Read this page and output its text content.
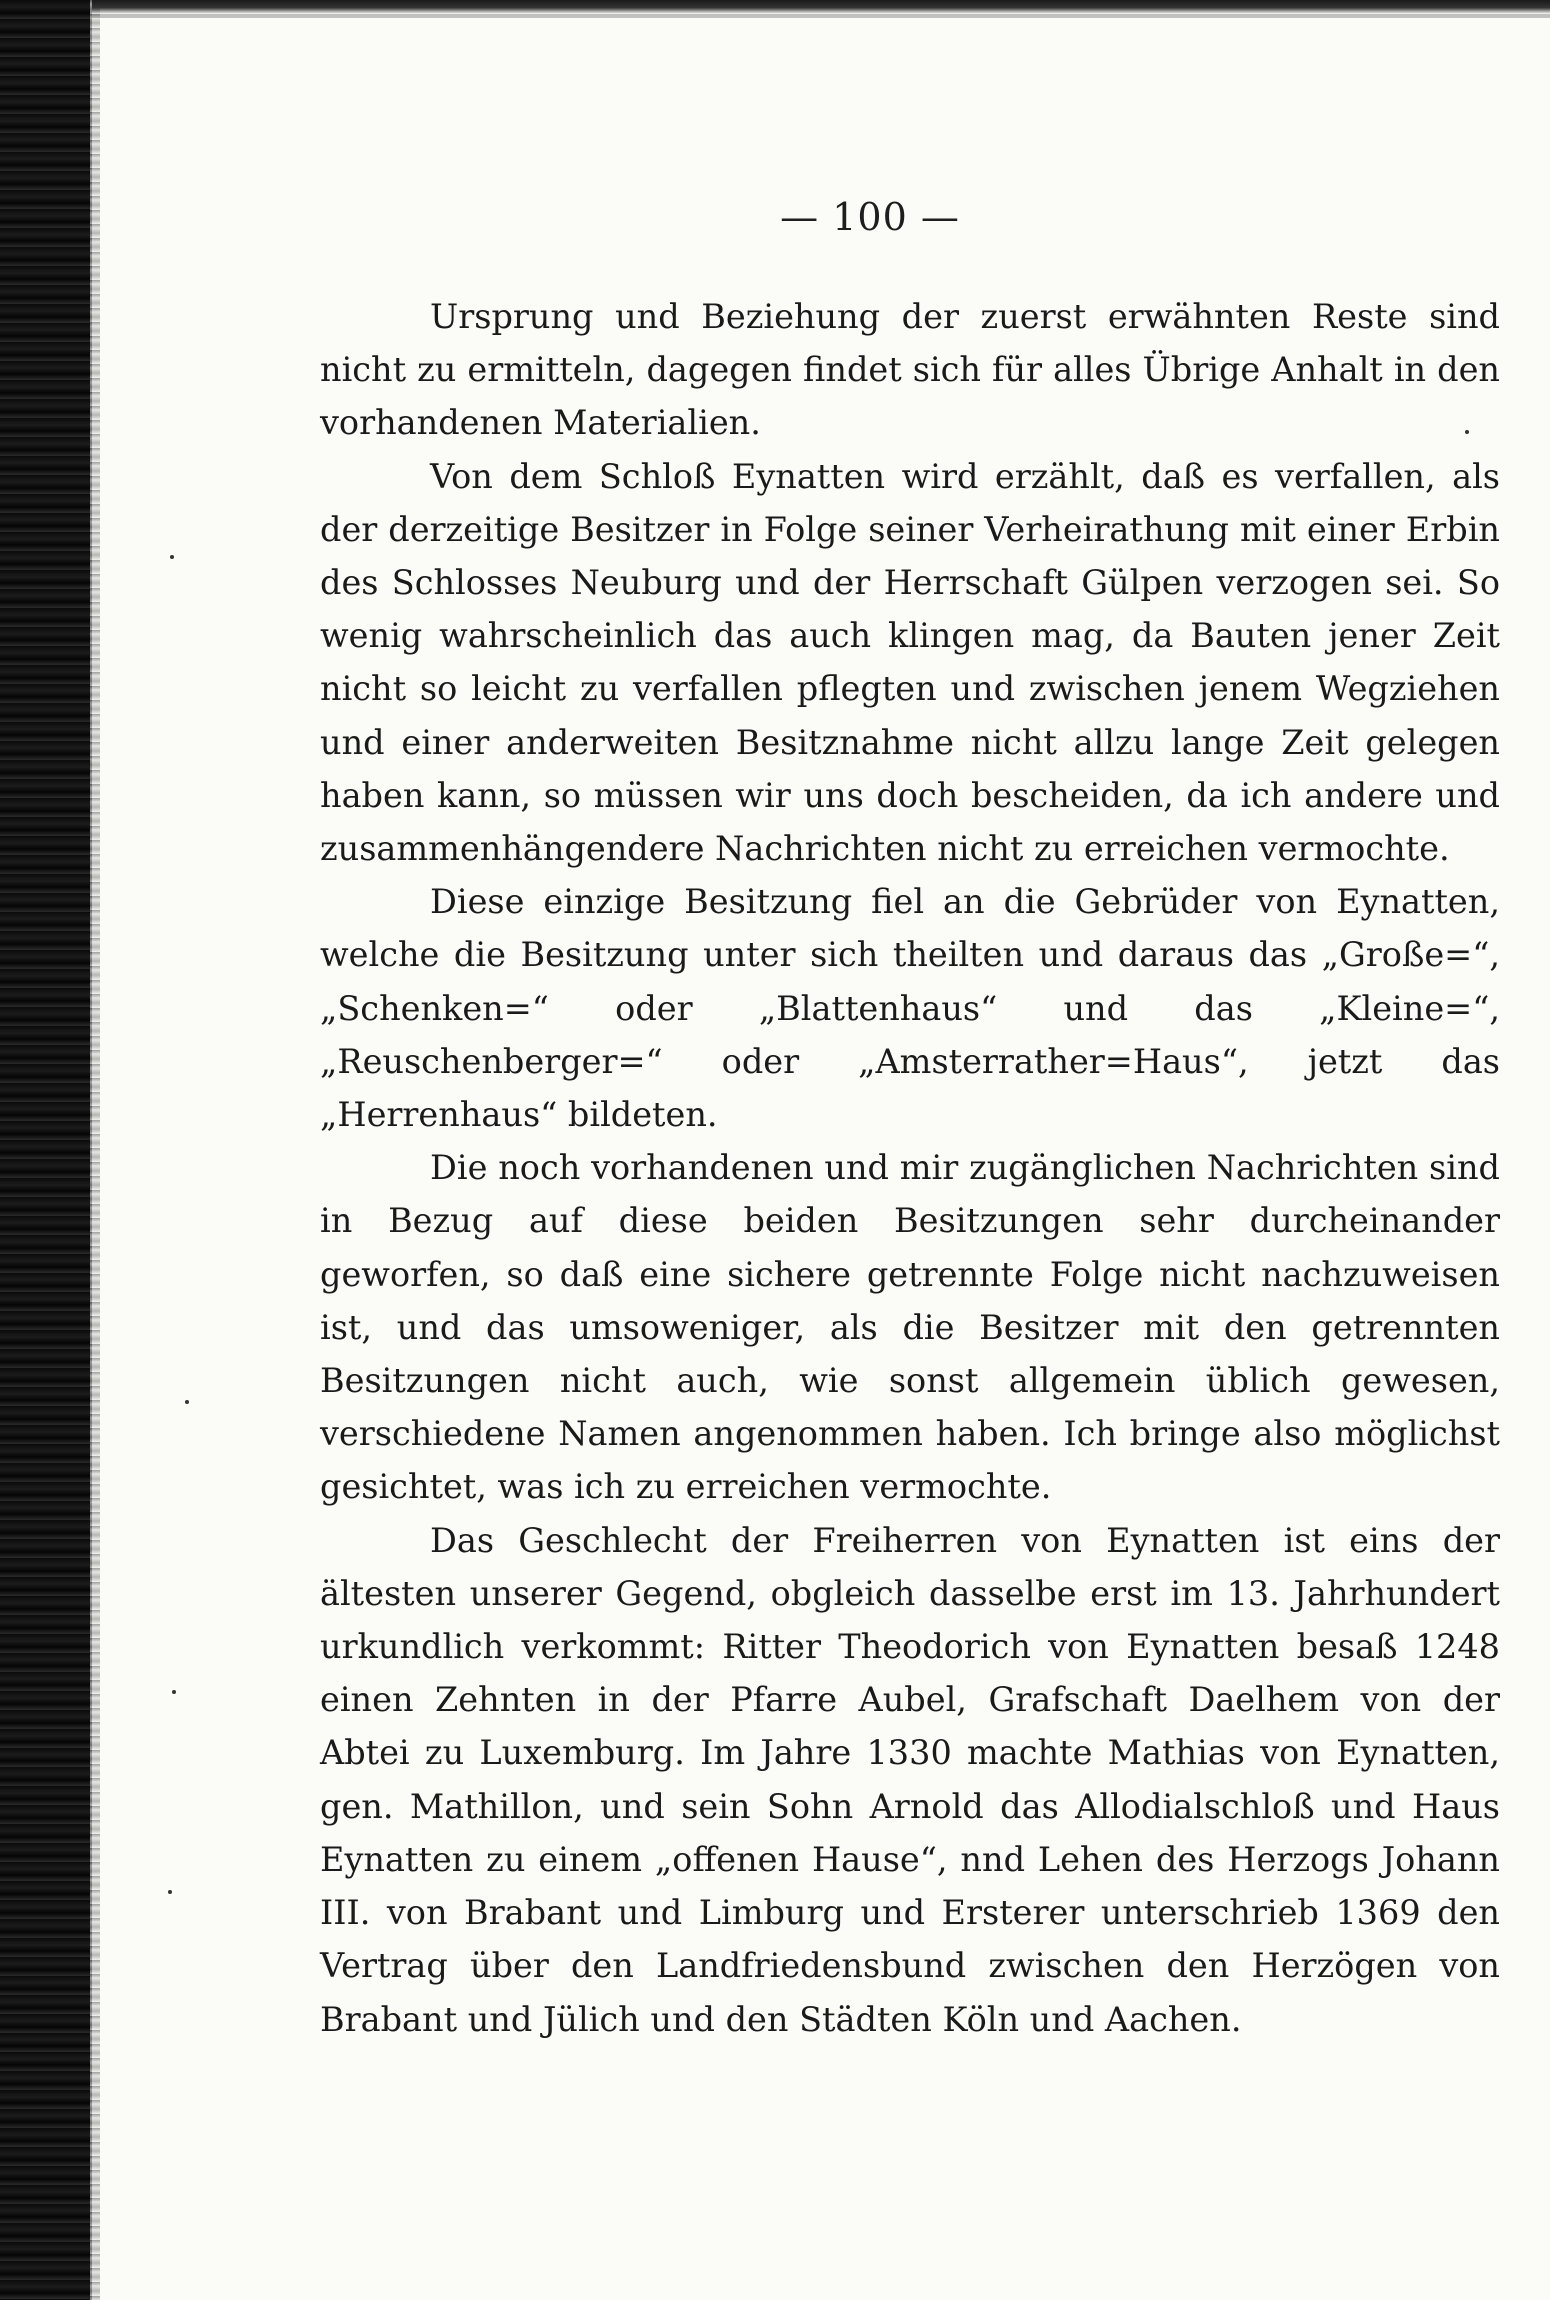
— 100 —

Ursprung und Beziehung der zuerst erwähnten Reste sind nicht zu ermitteln, dagegen findet sich für alles Übrige Anhalt in den vorhandenen Materialien.

Von dem Schloß Eynatten wird erzählt, daß es verfallen, als der derzeitige Besitzer in Folge seiner Verheirathung mit einer Erbin des Schlosses Neuburg und der Herrschaft Gülpen verzogen sei. So wenig wahrscheinlich das auch klingen mag, da Bauten jener Zeit nicht so leicht zu verfallen pflegten und zwischen jenem Wegziehen und einer anderweiten Besitznahme nicht allzu lange Zeit gelegen haben kann, so müssen wir uns doch bescheiden, da ich andere und zusammenhängendere Nachrichten nicht zu erreichen vermochte.

Diese einzige Besitzung fiel an die Gebrüder von Eynatten, welche die Besitzung unter sich theilten und daraus das „Große=“, „Schenken=“ oder „Blattenhaus“ und das „Kleine=“, „Reuschenberger=“ oder „Amsterrather=Haus“, jetzt das „Herrenhaus“ bildeten.

Die noch vorhandenen und mir zugänglichen Nachrichten sind in Bezug auf diese beiden Besitzungen sehr durcheinander geworfen, so daß eine sichere getrennte Folge nicht nachzuweisen ist, und das umsoweniger, als die Besitzer mit den getrennten Besitzungen nicht auch, wie sonst allgemein üblich gewesen, verschiedene Namen angenommen haben. Ich bringe also möglichst gesichtet, was ich zu erreichen vermochte.

Das Geschlecht der Freiherren von Eynatten ist eins der ältesten unserer Gegend, obgleich dasselbe erst im 13. Jahrhundert urkundlich verkommt: Ritter Theodorich von Eynatten besaß 1248 einen Zehnten in der Pfarre Aubel, Grafschaft Daelhem von der Abtei zu Luxemburg. Im Jahre 1330 machte Mathias von Eynatten, gen. Mathillon, und sein Sohn Arnold das Allodialschloß und Haus Eynatten zu einem „offenen Hause“, nnd Lehen des Herzogs Johann III. von Brabant und Limburg und Ersterer unterschrieb 1369 den Vertrag über den Landfriedensbund zwischen den Herzögen von Brabant und Jülich und den Städten Köln und Aachen.
